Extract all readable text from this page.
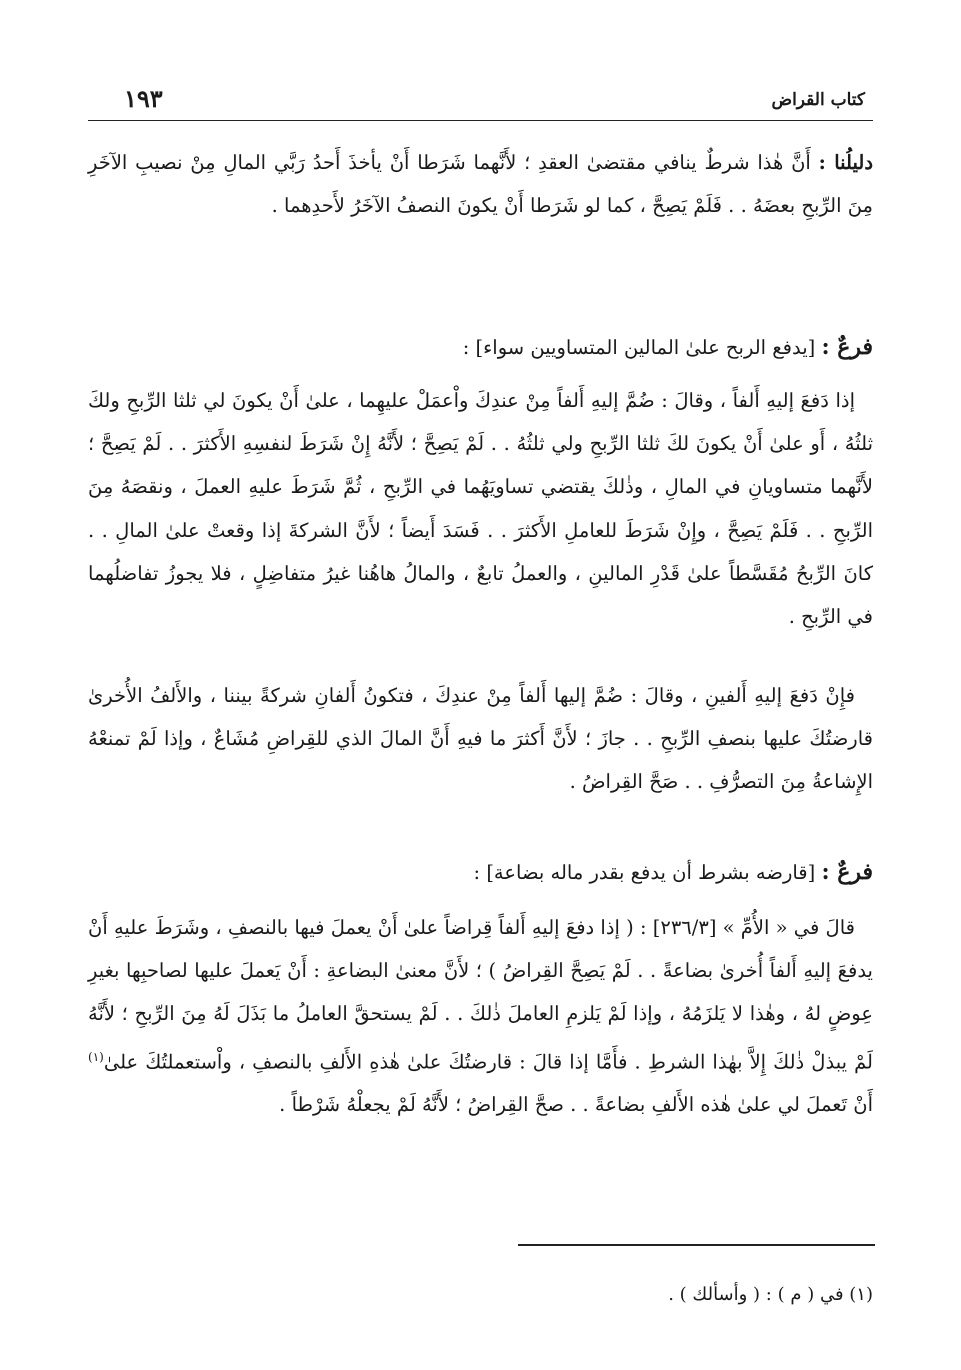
كتاب القراض
١٩٣

دليلُنا : أَنَّ هٰذا شرطٌ ينافي مقتضىٰ العقدِ ؛ لأَنَّهما شَرَطا أَنْ يأخذَ أَحدُ رَبَّي المالِ مِنْ نصيبِ الآخَرِ مِنَ الرِّبحِ بعضَهُ . . فَلَمْ يَصِحَّ ، كما لو شَرَطا أَنْ يكونَ النصفُ الآخَرُ لأَحدِهما .

فرعٌ : [يدفع الربح علىٰ المالين المتساويين سواء] :

إذا دَفعَ إليهِ أَلفاً ، وقالَ : ضُمَّ إليهِ أَلفاً مِنْ عندِكَ واْعمَلْ عليهِما ، علىٰ أَنْ يكونَ لي ثلثا الرِّبحِ ولكَ ثلثُهُ ، أَو علىٰ أَنْ يكونَ لكَ ثلثا الرِّبحِ ولي ثلثُهُ . . لَمْ يَصِحَّ ؛ لأَنَّهُ إِنْ شَرَطَ لنفسِهِ الأَكثرَ . . لَمْ يَصِحَّ ؛ لأَنَّهما متساويانِ في المالِ ، وذٰلكَ يقتضي تساويَهُما في الرِّبحِ ، ثُمَّ شَرَطَ عليهِ العملَ ، ونقصَهُ مِنَ الرِّبحِ . . فَلَمْ يَصِحَّ ، وإِنْ شَرَطَ للعاملِ الأَكثرَ . . فَسَدَ أَيضاً ؛ لأَنَّ الشركةَ إذا وقعتْ علىٰ المالِ . . كانَ الرِّبحُ مُقَسَّطاً علىٰ قَدْرِ المالينِ ، والعملُ تابعٌ ، والمالُ هاهُنا غيرُ متفاضِلٍ ، فلا يجوزُ تفاضلُهما في الرِّبحِ .

فإِنْ دَفعَ إليهِ أَلفينِ ، وقالَ : ضُمَّ إليها أَلفاً مِنْ عندِكَ ، فتكونُ أَلفانِ شركةً بيننا ، والأَلفُ الأُخرىٰ قارضتُكَ عليها بنصفِ الرِّبحِ . . جازَ ؛ لأَنَّ أَكثرَ ما فيهِ أَنَّ المالَ الذي للقِراضِ مُشَاعٌ ، وإذا لَمْ تمنعْهُ الإِشاعةُ مِنَ التصرُّفِ . . صَحَّ القِراضُ .

فرعٌ : [قارضه بشرط أن يدفع بقدر ماله بضاعة] :

قالَ في « الأُمِّ » [٢٣٦/٣] : ( إذا دفعَ إليهِ أَلفاً قِراضاً علىٰ أَنْ يعملَ فيها بالنصفِ ، وشَرَطَ عليهِ أَنْ يدفعَ إليهِ أَلفاً أُخرىٰ بضاعةً . . لَمْ يَصِحَّ القِراضُ ) ؛ لأَنَّ معنىٰ البضاعةِ : أَنْ يَعملَ عليها لصاحبِها بغيرِ عِوضٍ لهُ ، وهٰذا لا يَلزَمُهُ ، وإذا لَمْ يَلزمِ العاملَ ذٰلكَ . . لَمْ يستحقَّ العاملُ ما بَذَلَ لَهُ مِنَ الرِّبحِ ؛ لأَنَّهُ لَمْ يبذلْ ذٰلكَ إِلاَّ بهٰذا الشرطِ . فأَمَّا إذا قالَ : قارضتُكَ علىٰ هٰذهِ الأَلفِ بالنصفِ ، واْستعملتُكَ علىٰ$^{(١)}$ أَنْ تَعملَ لي علىٰ هٰذه الأَلفِ بضاعةً . . صحَّ القِراضُ ؛ لأَنَّهُ لَمْ يجعلْهُ شَرْطاً .

(١) في ( م ) : ( وأسألك ) .
